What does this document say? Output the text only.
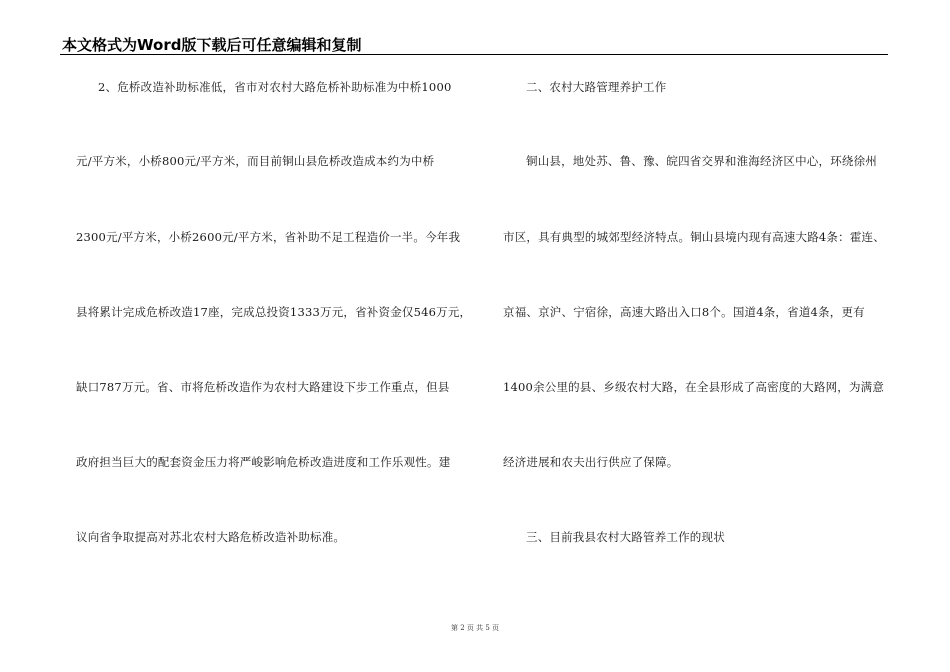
本文格式为Word版下载后可任意编辑和复制
2、危桥改造补助标准低，省市对农村大路危桥补助标准为中桥1000
元/平方米，小桥800元/平方米，而目前铜山县危桥改造成本约为中桥
2300元/平方米，小桥2600元/平方米，省补助不足工程造价一半。今年我
县将累计完成危桥改造17座，完成总投资1333万元，省补资金仅546万元，
缺口787万元。省、市将危桥改造作为农村大路建设下步工作重点，但县
政府担当巨大的配套资金压力将严峻影响危桥改造进度和工作乐观性。建
议向省争取提高对苏北农村大路危桥改造补助标准。
二、农村大路管理养护工作
铜山县，地处苏、鲁、豫、皖四省交界和淮海经济区中心，环绕徐州
市区，具有典型的城郊型经济特点。铜山县境内现有高速大路4条：霍连、
京福、京沪、宁宿徐，高速大路出入口8个。国道4条，省道4条，更有
1400余公里的县、乡级农村大路，在全县形成了高密度的大路网，为满意
经济进展和农夫出行供应了保障。
三、目前我县农村大路管养工作的现状
第 2 页 共 5 页
